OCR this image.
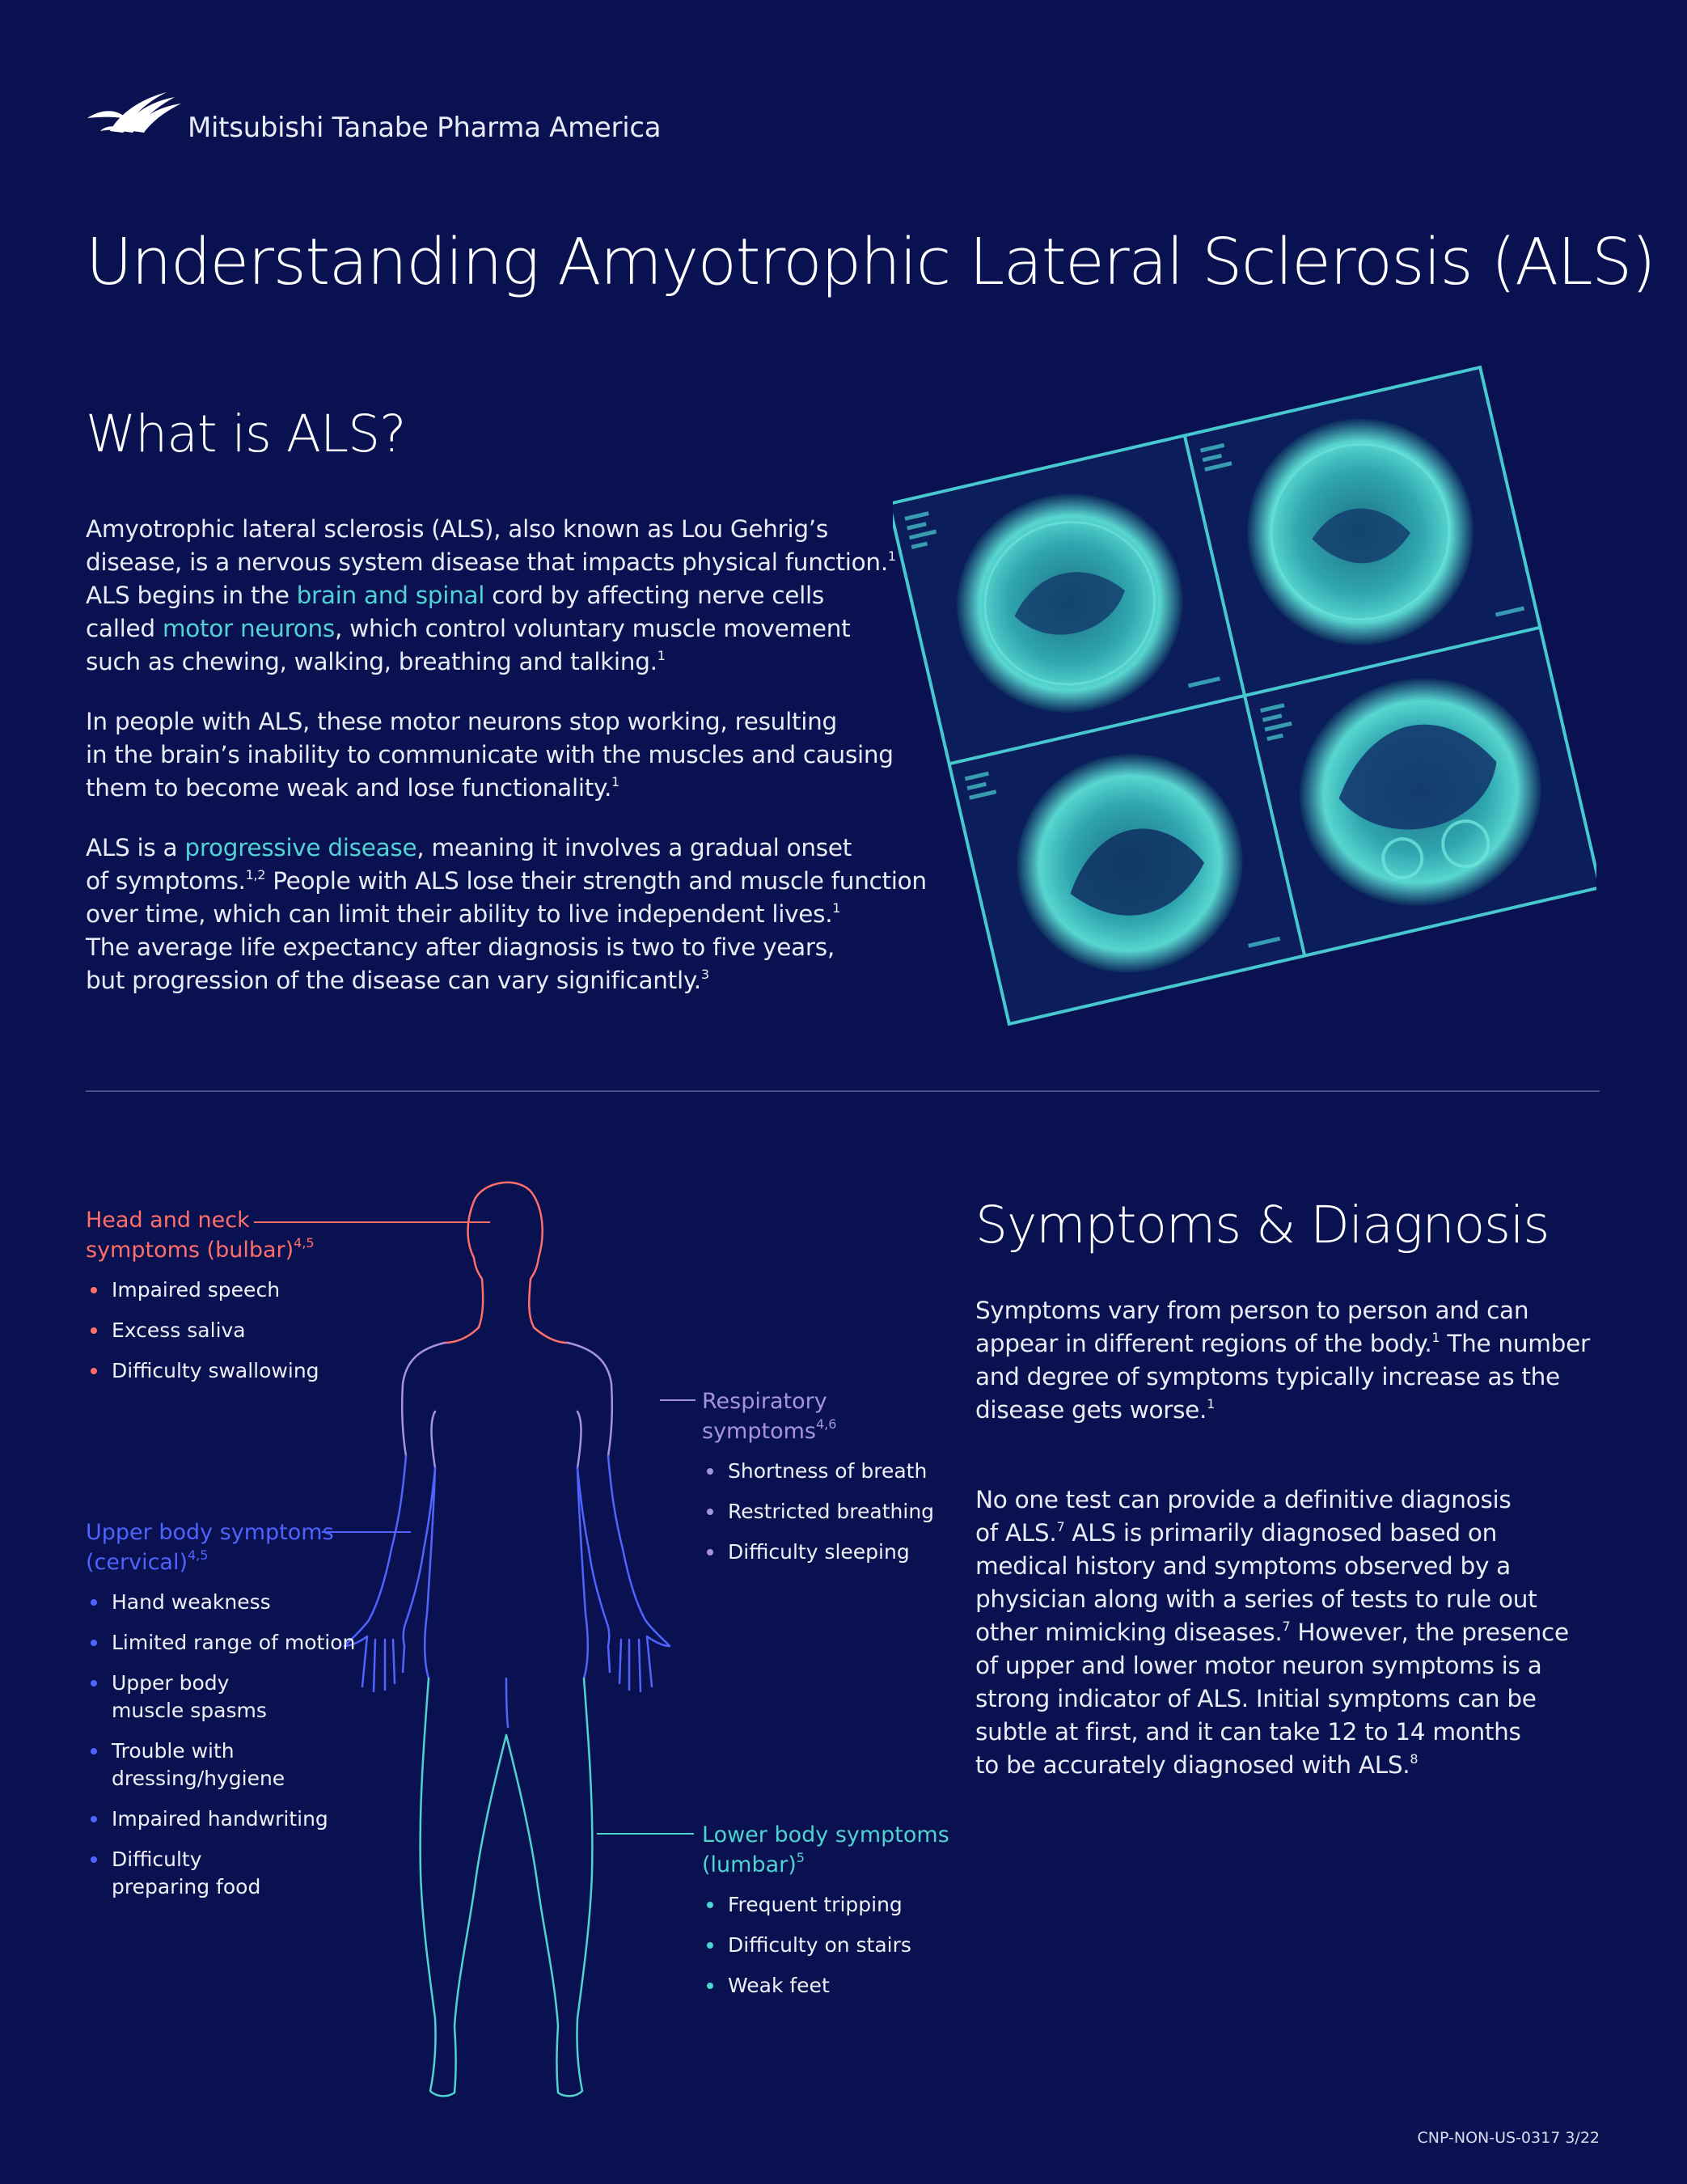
Mitsubishi Tanabe Pharma America
Understanding Amyotrophic Lateral Sclerosis (ALS)
What is ALS?

Amyotrophic lateral sclerosis (ALS), also known as Lou Gehrig’s

disease, is a nervous system disease that impacts physical function.$^1$

ALS begins in the brain and spinal cord by affecting nerve cells

called motor neurons, which control voluntary muscle movement

such as chewing, walking, breathing and talking.$^1$

In people with ALS, these motor neurons stop working, resulting

in the brain’s inability to communicate with the muscles and causing

them to become weak and lose functionality.$^1$

ALS is a progressive disease, meaning it involves a gradual onset

of symptoms.$^{1,2}$ People with ALS lose their strength and muscle function

over time, which can limit their ability to live independent lives.$^1$

The average life expectancy after diagnosis is two to five years,

but progression of the disease can vary significantly.$^3$

Head and neck

symptoms (bulbar)$^{4,5}$

Impaired speech
Excess saliva
Difficulty swallowing

Respiratory

symptoms$^{4,6}$

Shortness of breath
Restricted breathing
Difficulty sleeping

Upper body symptoms

(cervical)$^{4,5}$

Hand weakness
Limited range of motion
Upper body
muscle spasms
Trouble with
dressing/hygiene
Impaired handwriting
Difficulty
preparing food

Lower body symptoms

(lumbar)$^5$

Frequent tripping
Difficulty on stairs
Weak feet
Symptoms & Diagnosis

Symptoms vary from person to person and can

appear in different regions of the body.$^1$ The number

and degree of symptoms typically increase as the

disease gets worse.$^1$

No one test can provide a definitive diagnosis

of ALS.$^7$ ALS is primarily diagnosed based on

medical history and symptoms observed by a

physician along with a series of tests to rule out

other mimicking diseases.$^7$ However, the presence

of upper and lower motor neuron symptoms is a

strong indicator of ALS. Initial symptoms can be

subtle at first, and it can take 12 to 14 months

to be accurately diagnosed with ALS.$^8$

CNP-NON-US-0317 3/22
